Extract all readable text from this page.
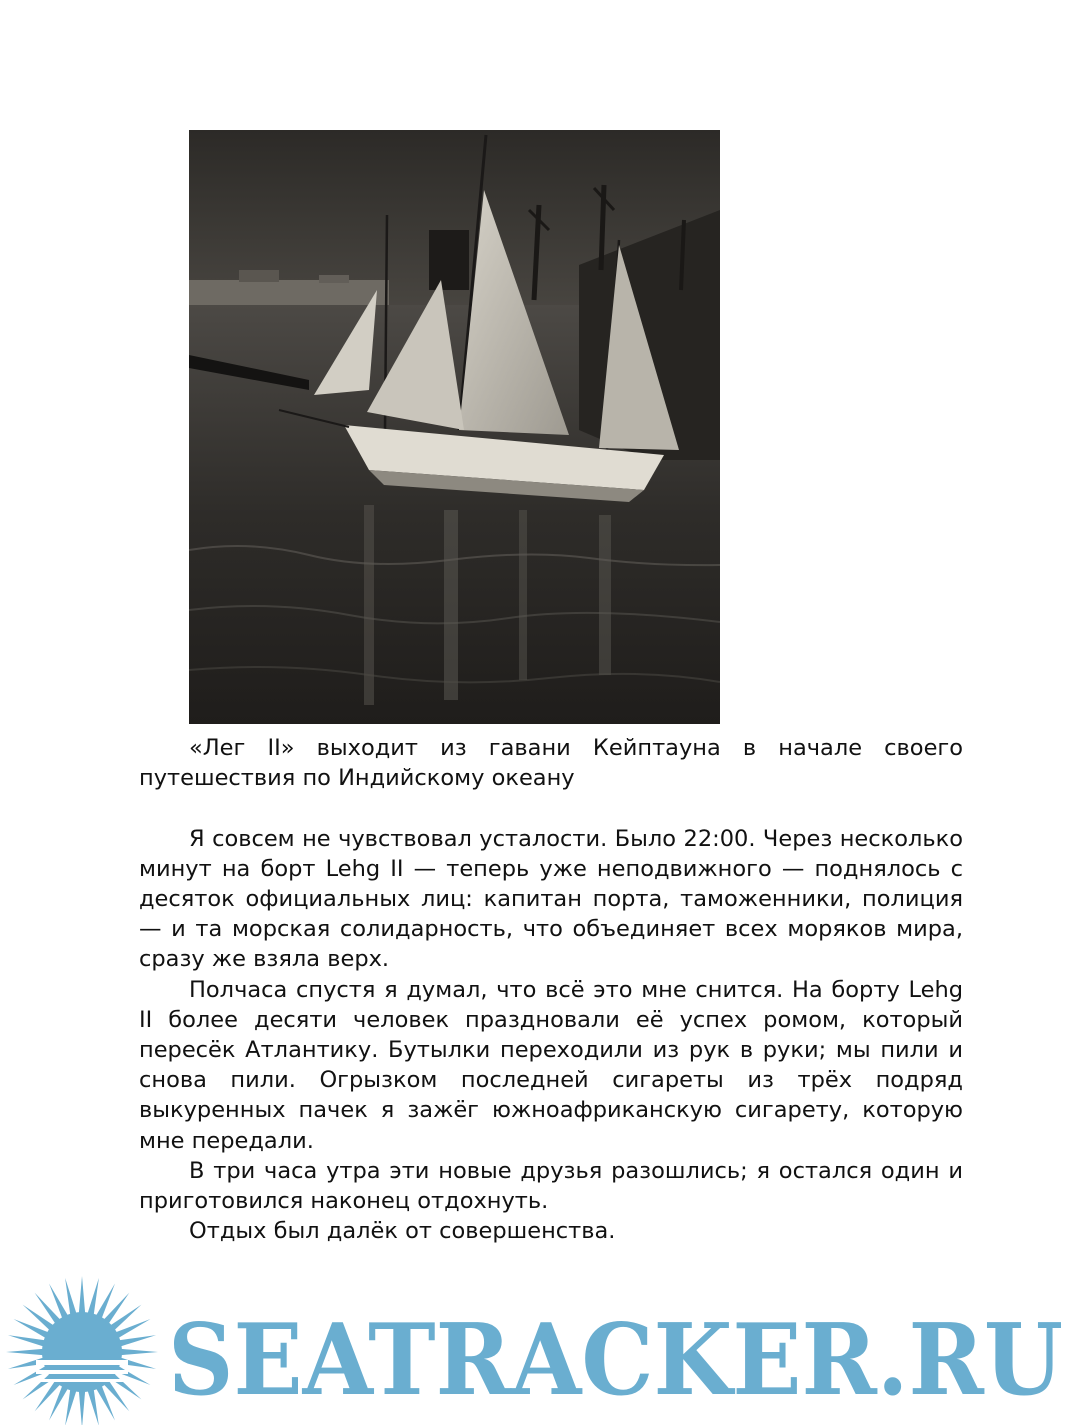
«Лег II» выходит из гавани Кейптауна в начале своего путешествия по Индийскому океану

Я совсем не чувствовал усталости. Было 22:00. Через несколько минут на борт Lehg II — теперь уже неподвижного — поднялось с десяток официальных лиц: капитан порта, таможенники, полиция — и та морская солидарность, что объединяет всех моряков мира, сразу же взяла верх.

Полчаса спустя я думал, что всё это мне снится. На борту Lehg II более десяти человек праздновали её успех ромом, который пересёк Атлантику. Бутылки переходили из рук в руки; мы пили и снова пили. Огрызком последней сигареты из трёх подряд выкуренных пачек я зажёг южноафриканскую сигарету, которую мне передали.

В три часа утра эти новые друзья разошлись; я остался один и приготовился наконец отдохнуть.

Отдых был далёк от совершенства.

SEATRACKER.RU
